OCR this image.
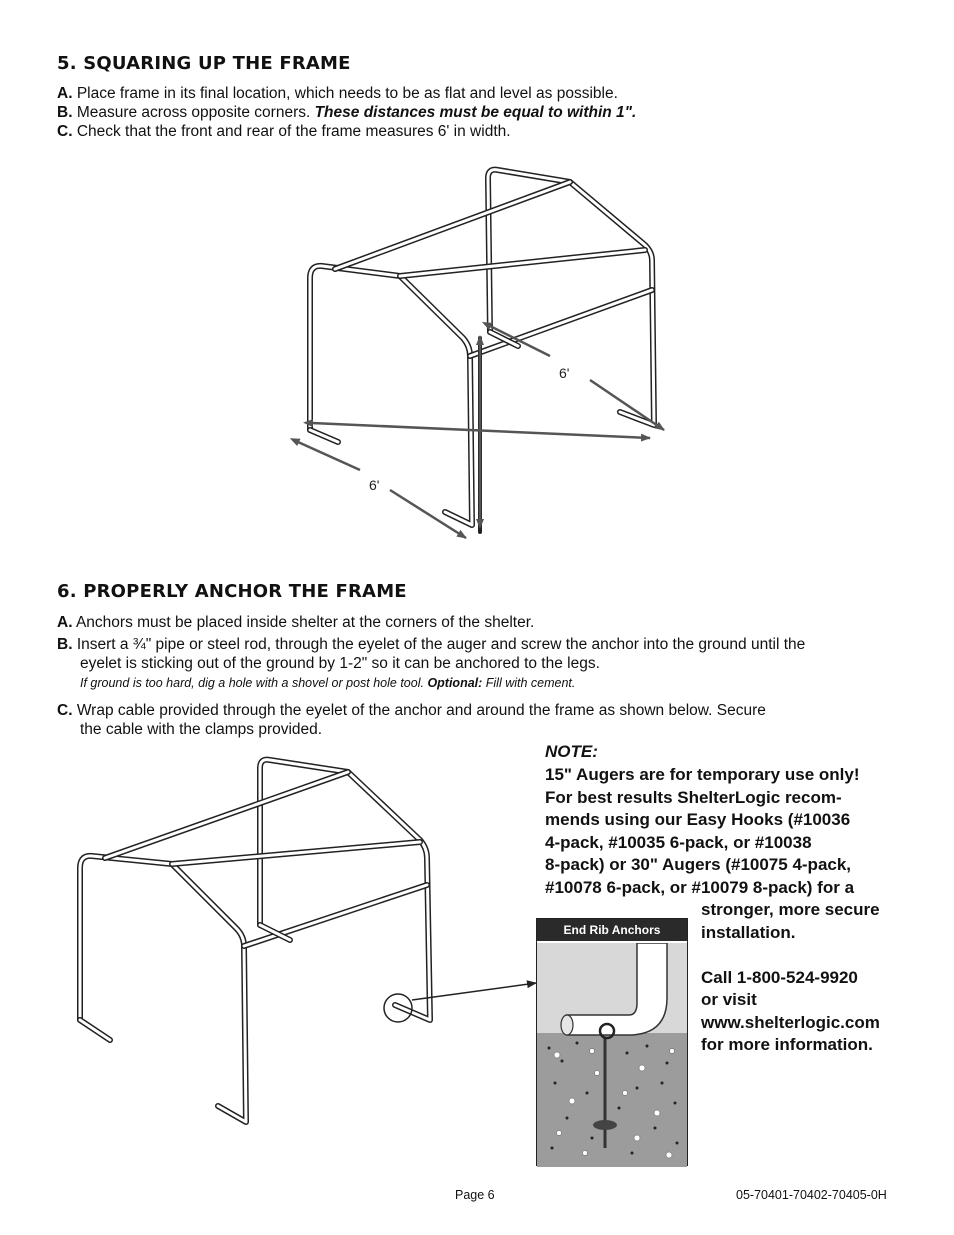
5. SQUARING UP THE FRAME
A. Place frame in its final location, which needs to be as flat and level as possible.
B. Measure across opposite corners. These distances must be equal to within 1".
C. Check that the front and rear of the frame measures 6' in width.
6'
6'
6. PROPERLY ANCHOR THE FRAME
A. Anchors must be placed inside shelter at the corners of the shelter.
B. Insert a ¾" pipe or steel rod, through the eyelet of the auger and screw the anchor into the ground until the
eyelet is sticking out of the ground by 1-2" so it can be anchored to the legs.
If ground is too hard, dig a hole with a shovel or post hole tool. Optional: Fill with cement.
C. Wrap cable provided through the eyelet of the anchor and around the frame as shown below. Secure
the cable with the clamps provided.
End Rib Anchors
NOTE:
15" Augers are for temporary use only!
For best results ShelterLogic recom-
mends using our Easy Hooks (#10036
4-pack, #10035 6-pack, or #10038
8-pack) or 30" Augers (#10075 4-pack,
#10078 6-pack, or #10079 8-pack) for a
stronger, more secure
installation.
Call 1-800-524-9920
or visit
www.shelterlogic.com
for more information.
Page 6	05-70401-70402-70405-0H
